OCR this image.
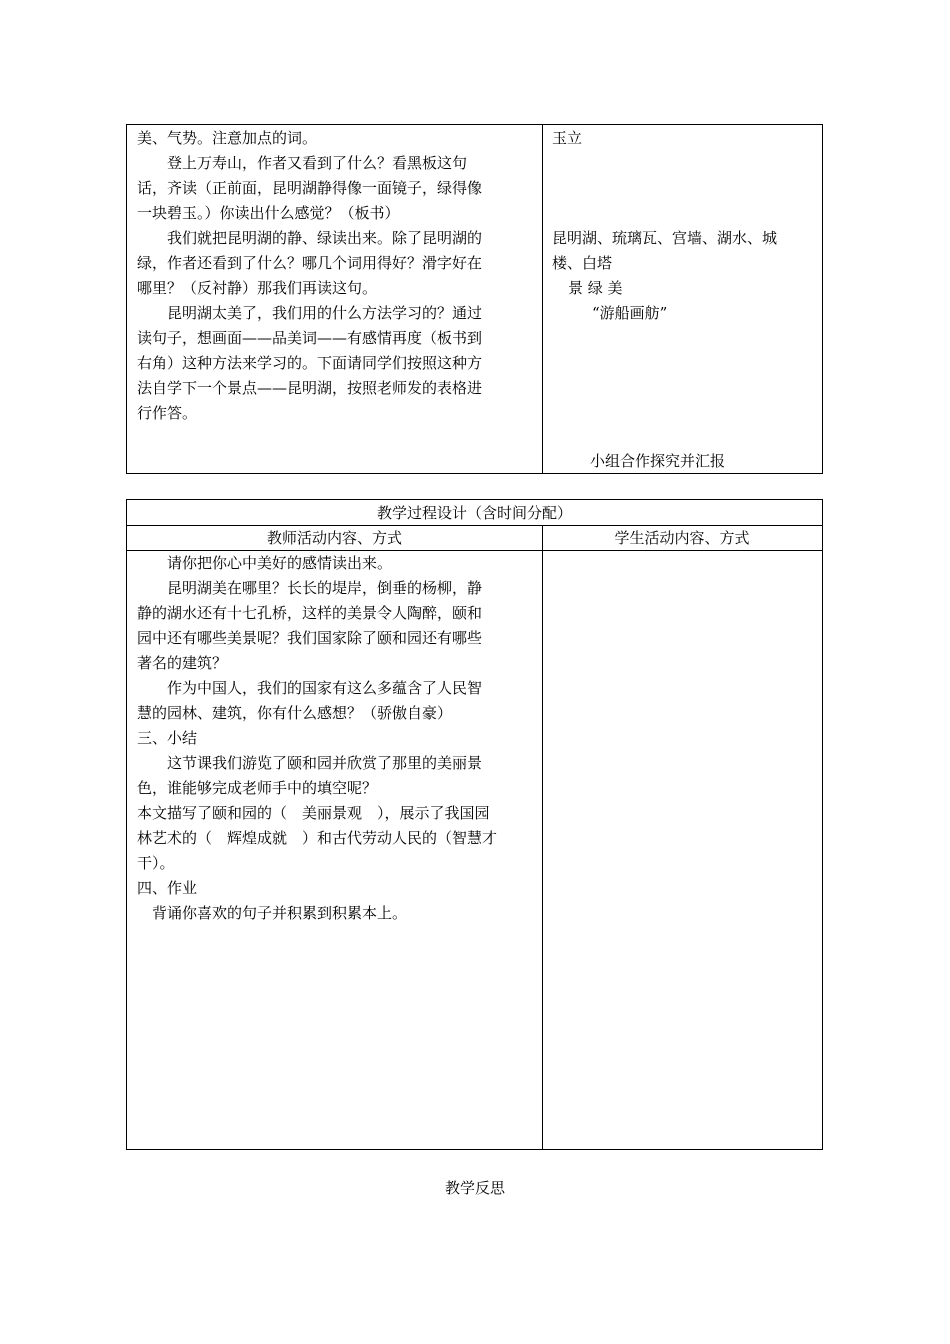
美、气势。注意加点的词。
　　登上万寿山，作者又看到了什么？看黑板这句
话，齐读（正前面，昆明湖静得像一面镜子，绿得像
一块碧玉。）你读出什么感觉？（板书）
　　我们就把昆明湖的静、绿读出来。除了昆明湖的
绿，作者还看到了什么？哪几个词用得好？滑字好在
哪里？（反衬静）那我们再读这句。
　　昆明湖太美了，我们用的什么方法学习的？通过
读句子，想画面——品美词——有感情再度（板书到
右角）这种方法来学习的。下面请同学们按照这种方
法自学下一个景点——昆明湖，按照老师发的表格进
行作答。
玉立
昆明湖、琉璃瓦、宫墙、湖水、城
楼、白塔
景 绿 美
“游船画舫”
小组合作探究并汇报
教学过程设计（含时间分配）
教师活动内容、方式	学生活动内容、方式
　　请你把你心中美好的感情读出来。
　　昆明湖美在哪里？长长的堤岸，倒垂的杨柳，静
静的湖水还有十七孔桥，这样的美景令人陶醉，颐和
园中还有哪些美景呢？我们国家除了颐和园还有哪些
著名的建筑？
　　作为中国人，我们的国家有这么多蕴含了人民智
慧的园林、建筑，你有什么感想？（骄傲自豪）
三、小结
　　这节课我们游览了颐和园并欣赏了那里的美丽景
色，谁能够完成老师手中的填空呢？
本文描写了颐和园的（　美丽景观　），展示了我国园
林艺术的（　辉煌成就　）和古代劳动人民的（智慧才
干）。
四、作业
　背诵你喜欢的句子并积累到积累本上。
教学反思
